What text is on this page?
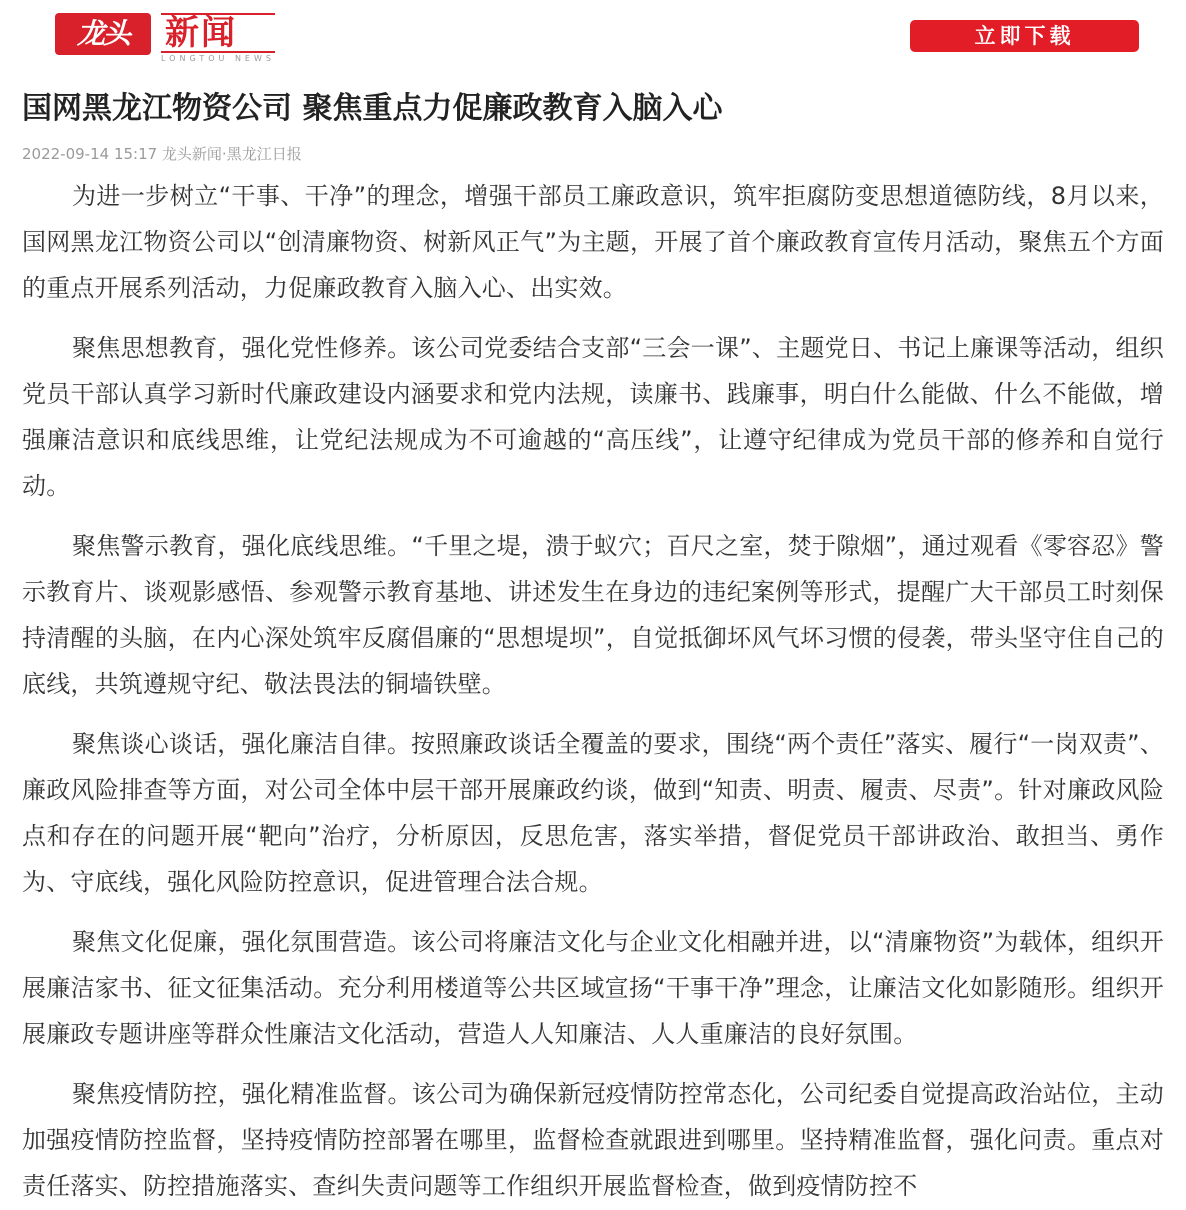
龙头	新闻
LONGTOU NEWS
立即下载
国网黑龙江物资公司 聚焦重点力促廉政教育入脑入心
2022-09-14 15:17 龙头新闻·黑龙江日报

为进一步树立“干事、干净”的理念，增强干部员工廉政意识，筑牢拒腐防变思想道德防线，8月以来，国网黑龙江物资公司以“创清廉物资、树新风正气”为主题，开展了首个廉政教育宣传月活动，聚焦五个方面的重点开展系列活动，力促廉政教育入脑入心、出实效。

聚焦思想教育，强化党性修养。该公司党委结合支部“三会一课”、主题党日、书记上廉课等活动，组织党员干部认真学习新时代廉政建设内涵要求和党内法规，读廉书、践廉事，明白什么能做、什么不能做，增强廉洁意识和底线思维，让党纪法规成为不可逾越的“高压线”，让遵守纪律成为党员干部的修养和自觉行动。

聚焦警示教育，强化底线思维。“千里之堤，溃于蚁穴；百尺之室，焚于隙烟”，通过观看《零容忍》警示教育片、谈观影感悟、参观警示教育基地、讲述发生在身边的违纪案例等形式，提醒广大干部员工时刻保持清醒的头脑，在内心深处筑牢反腐倡廉的“思想堤坝”，自觉抵御坏风气坏习惯的侵袭，带头坚守住自己的底线，共筑遵规守纪、敬法畏法的铜墙铁壁。

聚焦谈心谈话，强化廉洁自律。按照廉政谈话全覆盖的要求，围绕“两个责任”落实、履行“一岗双责”、廉政风险排查等方面，对公司全体中层干部开展廉政约谈，做到“知责、明责、履责、尽责”。针对廉政风险点和存在的问题开展“靶向”治疗，分析原因，反思危害，落实举措，督促党员干部讲政治、敢担当、勇作为、守底线，强化风险防控意识，促进管理合法合规。

聚焦文化促廉，强化氛围营造。该公司将廉洁文化与企业文化相融并进，以“清廉物资”为载体，组织开展廉洁家书、征文征集活动。充分利用楼道等公共区域宣扬“干事干净”理念，让廉洁文化如影随形。组织开展廉政专题讲座等群众性廉洁文化活动，营造人人知廉洁、人人重廉洁的良好氛围。

聚焦疫情防控，强化精准监督。该公司为确保新冠疫情防控常态化，公司纪委自觉提高政治站位，主动加强疫情防控监督，坚持疫情防控部署在哪里，监督检查就跟进到哪里。坚持精准监督，强化问责。重点对责任落实、防控措施落实、查纠失责问题等工作组织开展监督检查，做到疫情防控不
